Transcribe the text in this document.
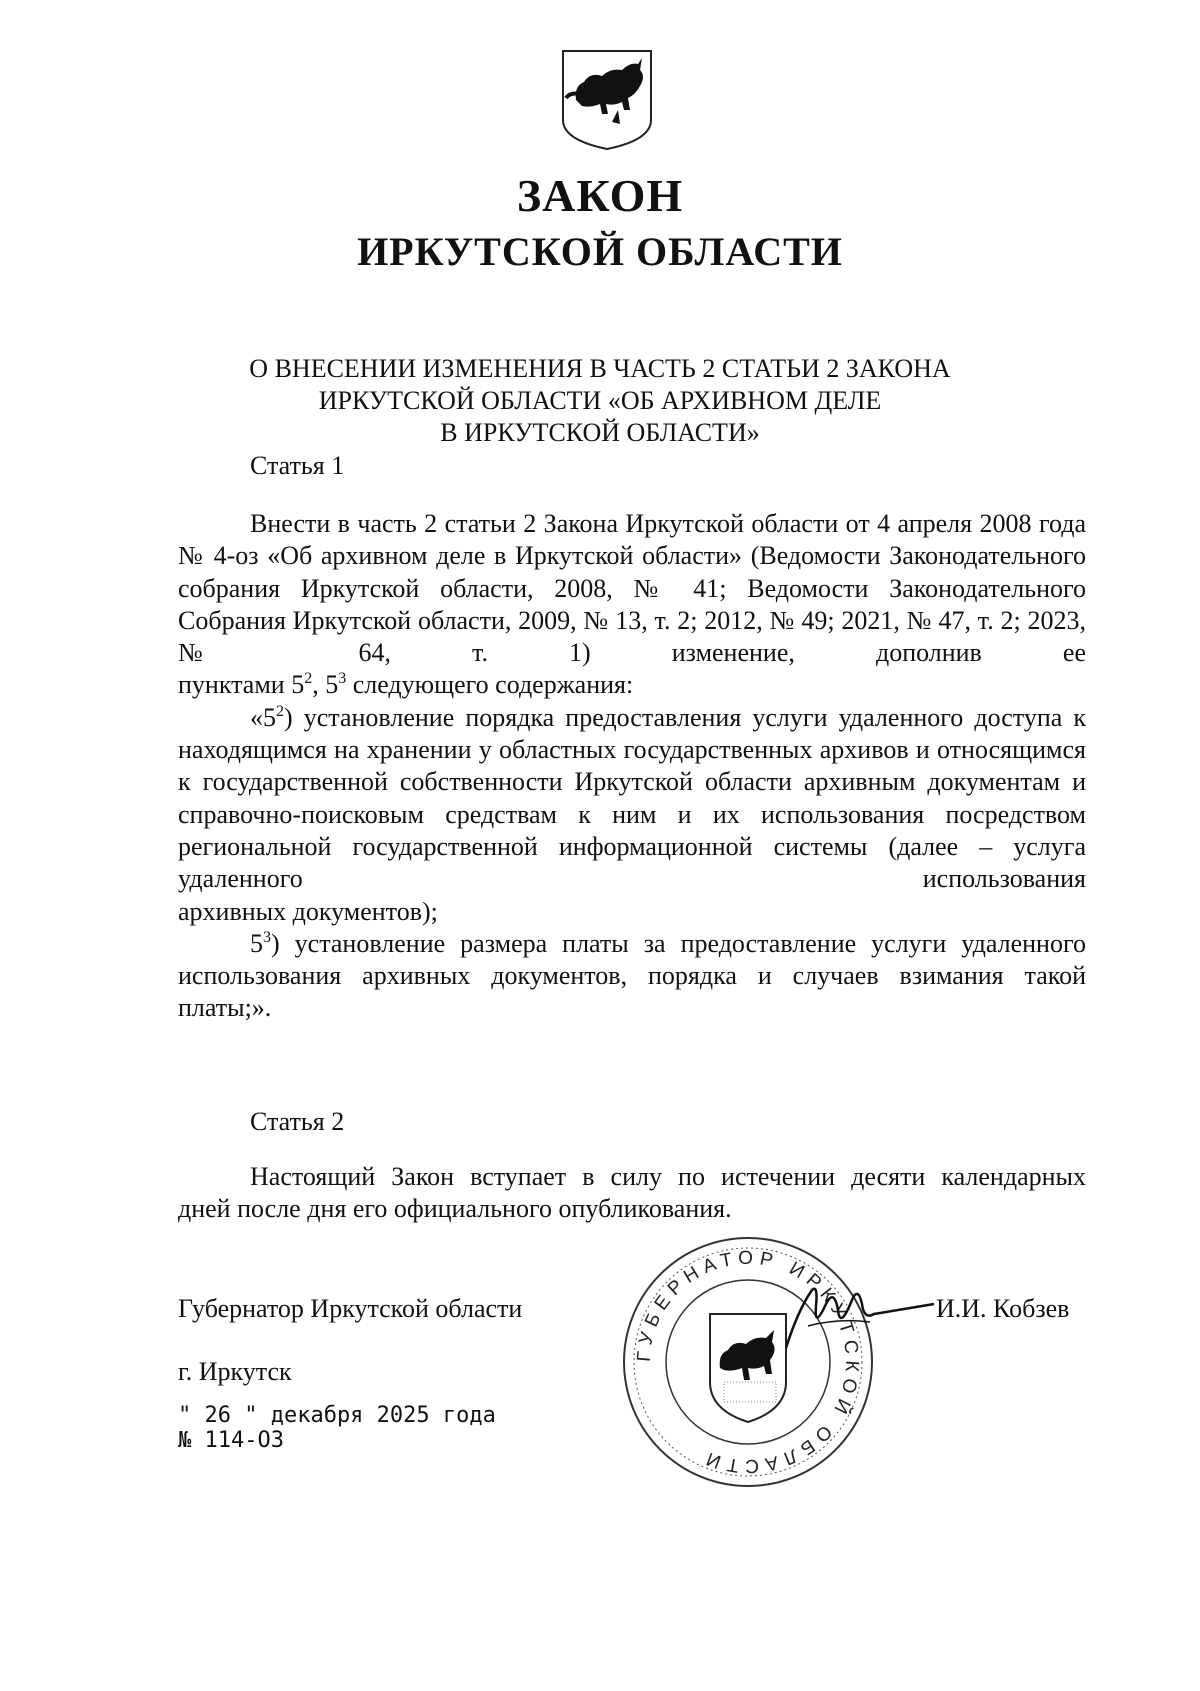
ЗАКОН
ИРКУТСКОЙ ОБЛАСТИ
О ВНЕСЕНИИ ИЗМЕНЕНИЯ В ЧАСТЬ 2 СТАТЬИ 2 ЗАКОНА
ИРКУТСКОЙ ОБЛАСТИ «ОБ АРХИВНОМ ДЕЛЕ
В ИРКУТСКОЙ ОБЛАСТИ»
Статья 1

Внести в часть 2 статьи 2 Закона Иркутской области от 4 апреля 2008 года № 4-оз «Об архивном деле в Иркутской области» (Ведомости Законодательного собрания Иркутской области, 2008, № 41; Ведомости Законодательного Собрания Иркутской области, 2009, № 13, т. 2; 2012, № 49; 2021, № 47, т. 2; 2023, № 64, т. 1) изменение, дополнив ее

пунктами $5^2$, $5^3$ следующего содержания:

«$5^2$) установление порядка предоставления услуги удаленного доступа к находящимся на хранении у областных государственных архивов и относящимся к государственной собственности Иркутской области архивным документам и справочно-поисковым средствам к ним и их использования посредством региональной государственной информационной системы (далее – услуга удаленного использования

архивных документов);

$5^3$) установление размера платы за предоставление услуги удаленного использования архивных документов, порядка и случаев взимания такой

платы;».

Статья 2

Настоящий Закон вступает в силу по истечении десяти календарных

дней после дня его официального опубликования.

ГУБЕРНАТОР ИРКУТСКОЙ ОБЛАСТИ
Губернатор Иркутской области	И.И. Кобзев
г. Иркутск
" 26 " декабря 2025 года
№ 114-ОЗ
